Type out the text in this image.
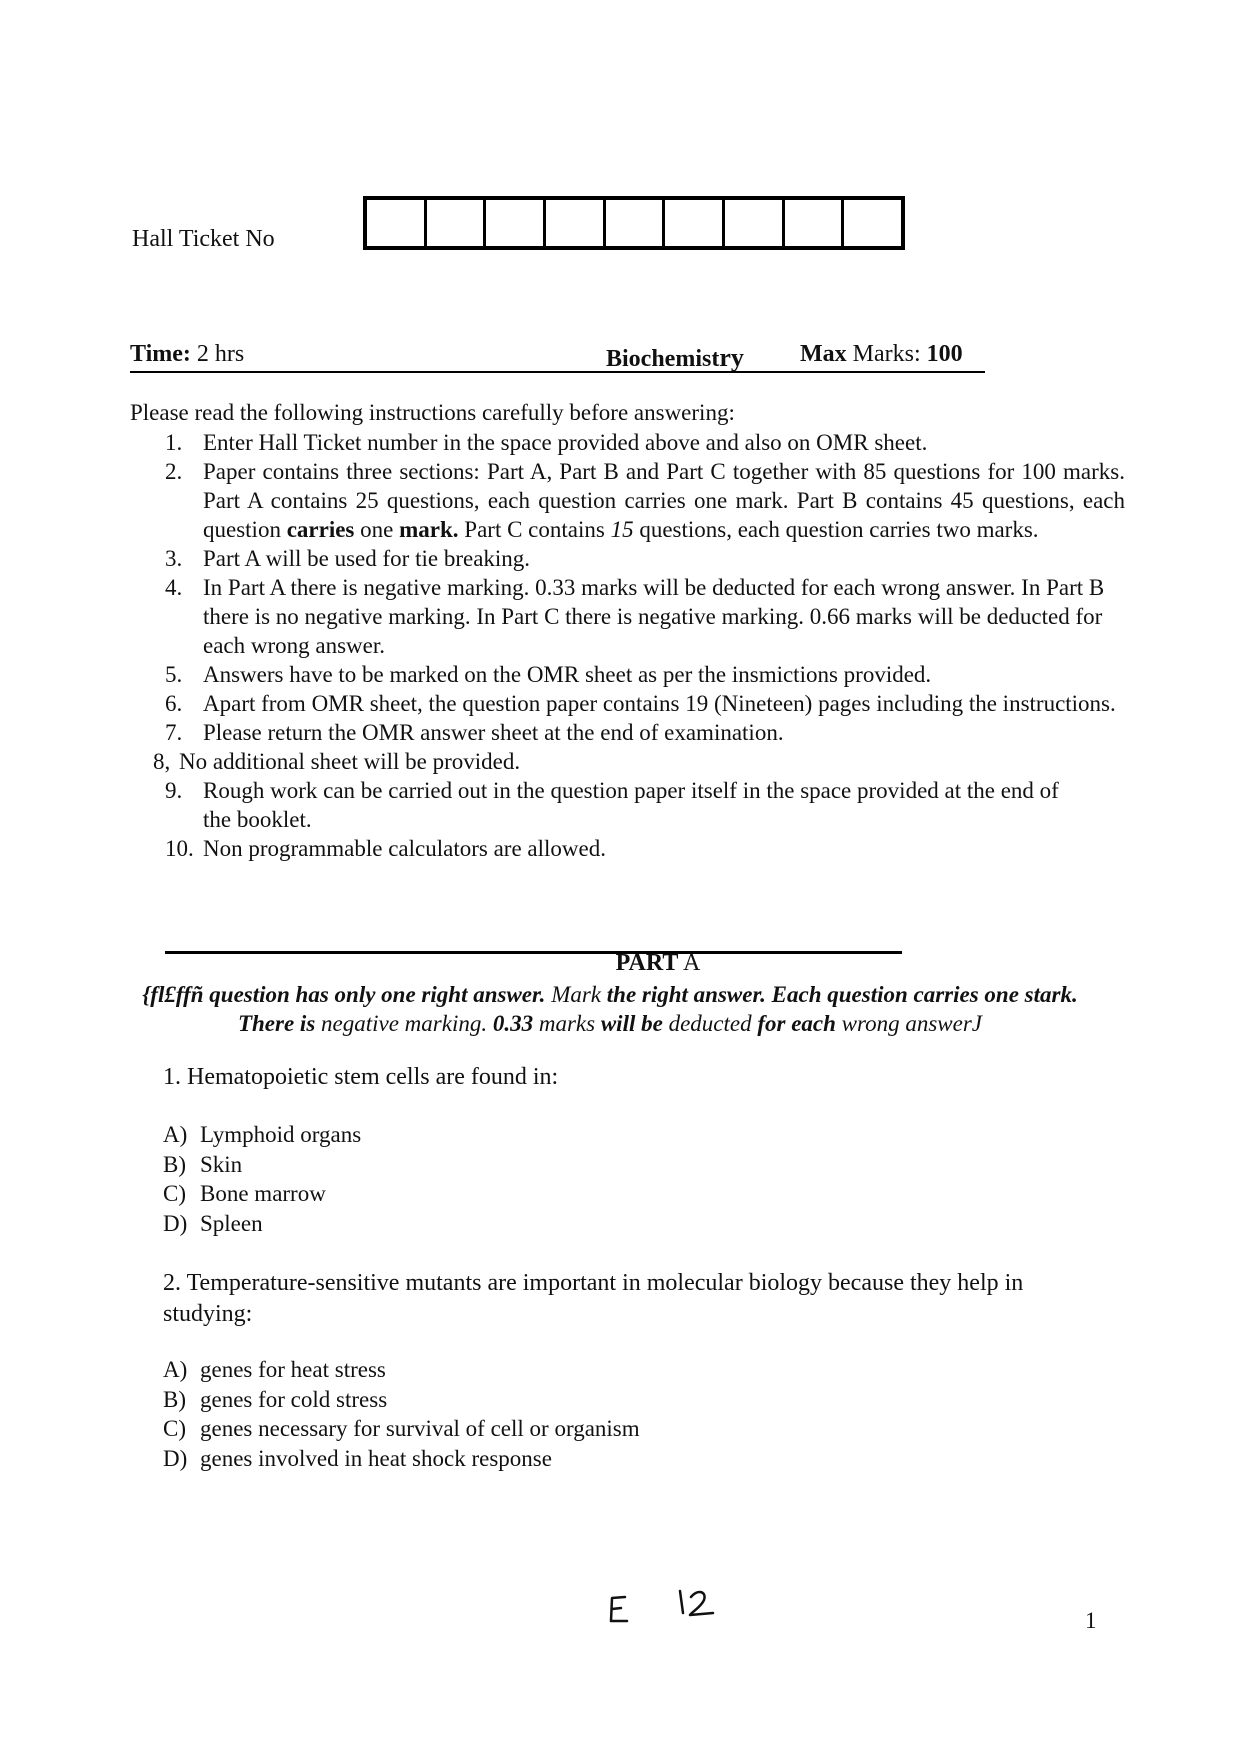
Hall Ticket No
Time: 2 hrs	Biochemistry Max Marks: 100
Please read the following instructions carefully before answering:
1. Enter Hall Ticket number in the space provided above and also on OMR sheet.
2. Paper contains three sections: Part A, Part B and Part C together with 85 questions for 100 marks. Part A contains 25 questions, each question carries one mark. Part B contains 45 questions, each question carries one mark. Part C contains 15 questions, each question carries two marks.
3. Part A will be used for tie breaking.
4. In Part A there is negative marking. 0.33 marks will be deducted for each wrong answer. In Part B there is no negative marking. In Part C there is negative marking. 0.66 marks will be deducted for each wrong answer.
5. Answers have to be marked on the OMR sheet as per the insmictions provided.
6. Apart from OMR sheet, the question paper contains 19 (Nineteen) pages including the instructions.
7. Please return the OMR answer sheet at the end of examination.
8, No additional sheet will be provided.
9. Rough work can be carried out in the question paper itself in the space provided at the end of the booklet.
10. Non programmable calculators are allowed.
PART A
{fl£ffñ question has only one right answer. Mark the right answer. Each question carries one stark. There is negative marking. 0.33 marks will be deducted for each wrong answerJ
1. Hematopoietic stem cells are found in:
A) Lymphoid organs
B) Skin
C) Bone marrow
D) Spleen
2. Temperature-sensitive mutants are important in molecular biology because they help in studying:
A) genes for heat stress
B) genes for cold stress
C) genes necessary for survival of cell or organism
D) genes involved in heat shock response
1
